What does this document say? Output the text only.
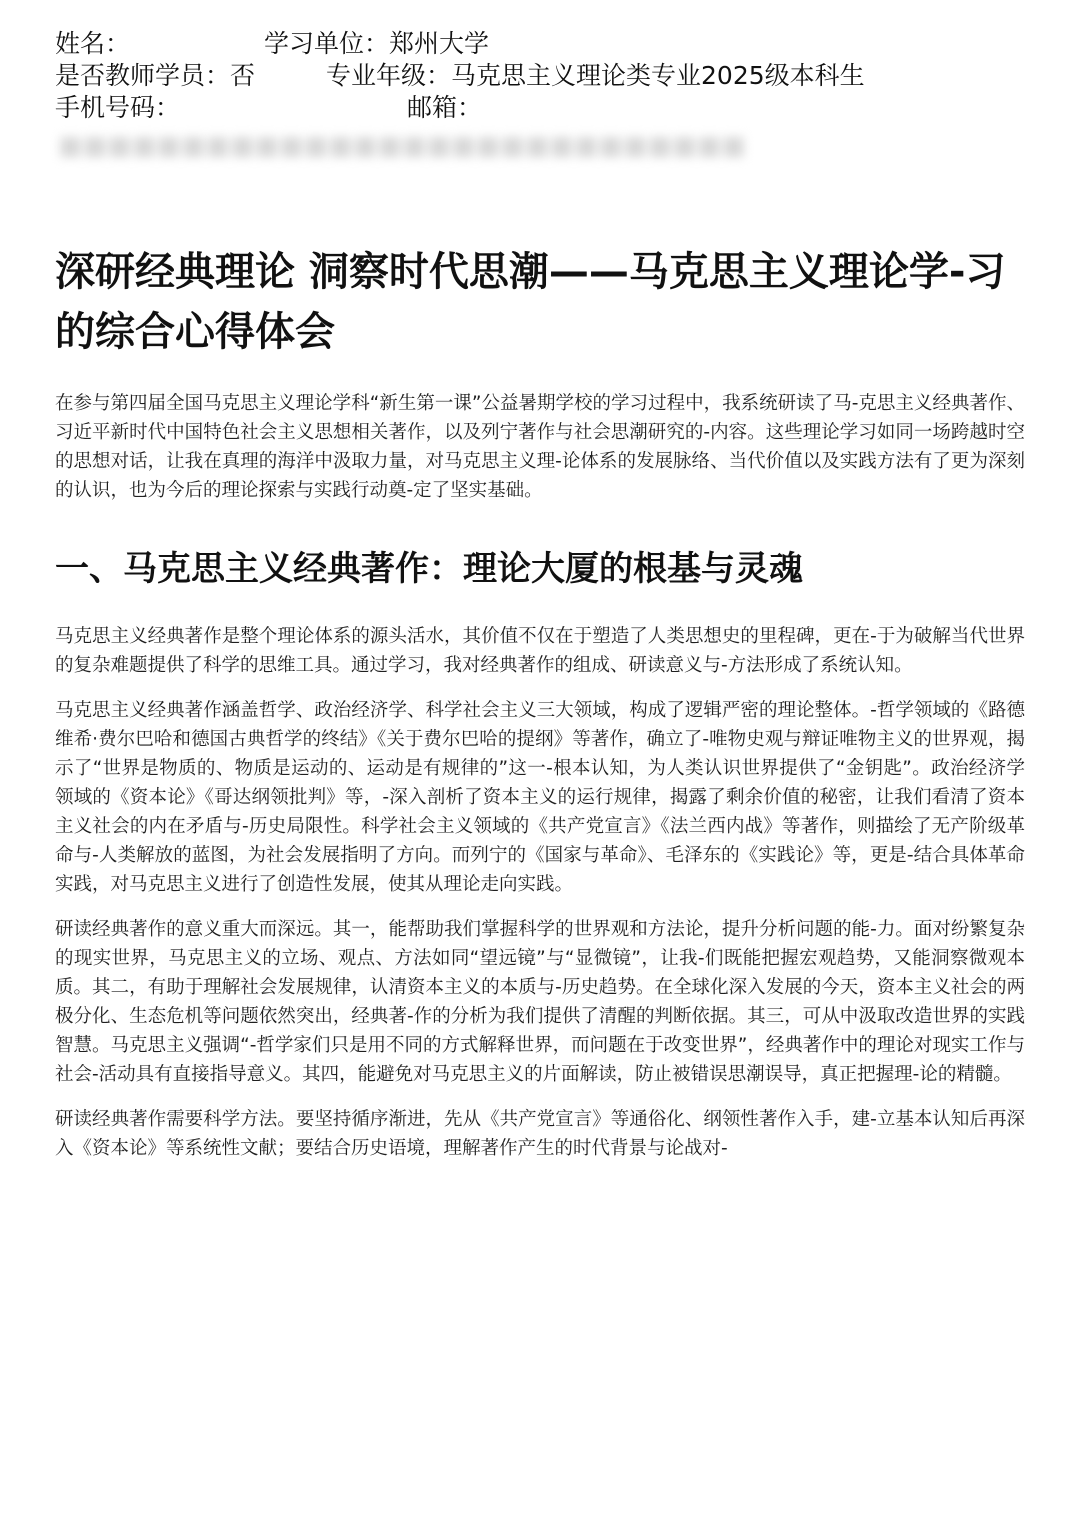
姓名：	学习单位：郑州大学
是否教师学员：否	专业年级：马克思主义理论类专业2025级本科生
手机号码：	邮箱：
■■■■■■■■■■■■■■■■■■■■■■■■■■■■
深研经典理论 洞察时代思潮——马克思主义理论学-习的综合心得体会

在参与第四届全国马克思主义理论学科“新生第一课”公益暑期学校的学习过程中，我系统研读了马-克思主义经典著作、习近平新时代中国特色社会主义思想相关著作，以及列宁著作与社会思潮研究的-内容。这些理论学习如同一场跨越时空的思想对话，让我在真理的海洋中汲取力量，对马克思主义理-论体系的发展脉络、当代价值以及实践方法有了更为深刻的认识，也为今后的理论探索与实践行动奠-定了坚实基础。

一、马克思主义经典著作：理论大厦的根基与灵魂

马克思主义经典著作是整个理论体系的源头活水，其价值不仅在于塑造了人类思想史的里程碑，更在-于为破解当代世界的复杂难题提供了科学的思维工具。通过学习，我对经典著作的组成、研读意义与-方法形成了系统认知。

马克思主义经典著作涵盖哲学、政治经济学、科学社会主义三大领域，构成了逻辑严密的理论整体。-哲学领域的《路德维希·费尔巴哈和德国古典哲学的终结》《关于费尔巴哈的提纲》等著作，确立了-唯物史观与辩证唯物主义的世界观，揭示了“世界是物质的、物质是运动的、运动是有规律的”这一-根本认知，为人类认识世界提供了“金钥匙”。政治经济学领域的《资本论》《哥达纲领批判》等，-深入剖析了资本主义的运行规律，揭露了剩余价值的秘密，让我们看清了资本主义社会的内在矛盾与-历史局限性。科学社会主义领域的《共产党宣言》《法兰西内战》等著作，则描绘了无产阶级革命与-人类解放的蓝图，为社会发展指明了方向。而列宁的《国家与革命》、毛泽东的《实践论》等，更是-结合具体革命实践，对马克思主义进行了创造性发展，使其从理论走向实践。

研读经典著作的意义重大而深远。其一，能帮助我们掌握科学的世界观和方法论，提升分析问题的能-力。面对纷繁复杂的现实世界，马克思主义的立场、观点、方法如同“望远镜”与“显微镜”，让我-们既能把握宏观趋势，又能洞察微观本质。其二，有助于理解社会发展规律，认清资本主义的本质与-历史趋势。在全球化深入发展的今天，资本主义社会的两极分化、生态危机等问题依然突出，经典著-作的分析为我们提供了清醒的判断依据。其三，可从中汲取改造世界的实践智慧。马克思主义强调“-哲学家们只是用不同的方式解释世界，而问题在于改变世界”，经典著作中的理论对现实工作与社会-活动具有直接指导意义。其四，能避免对马克思主义的片面解读，防止被错误思潮误导，真正把握理-论的精髓。

研读经典著作需要科学方法。要坚持循序渐进，先从《共产党宣言》等通俗化、纲领性著作入手，建-立基本认知后再深入《资本论》等系统性文献；要结合历史语境，理解著作产生的时代背景与论战对-
